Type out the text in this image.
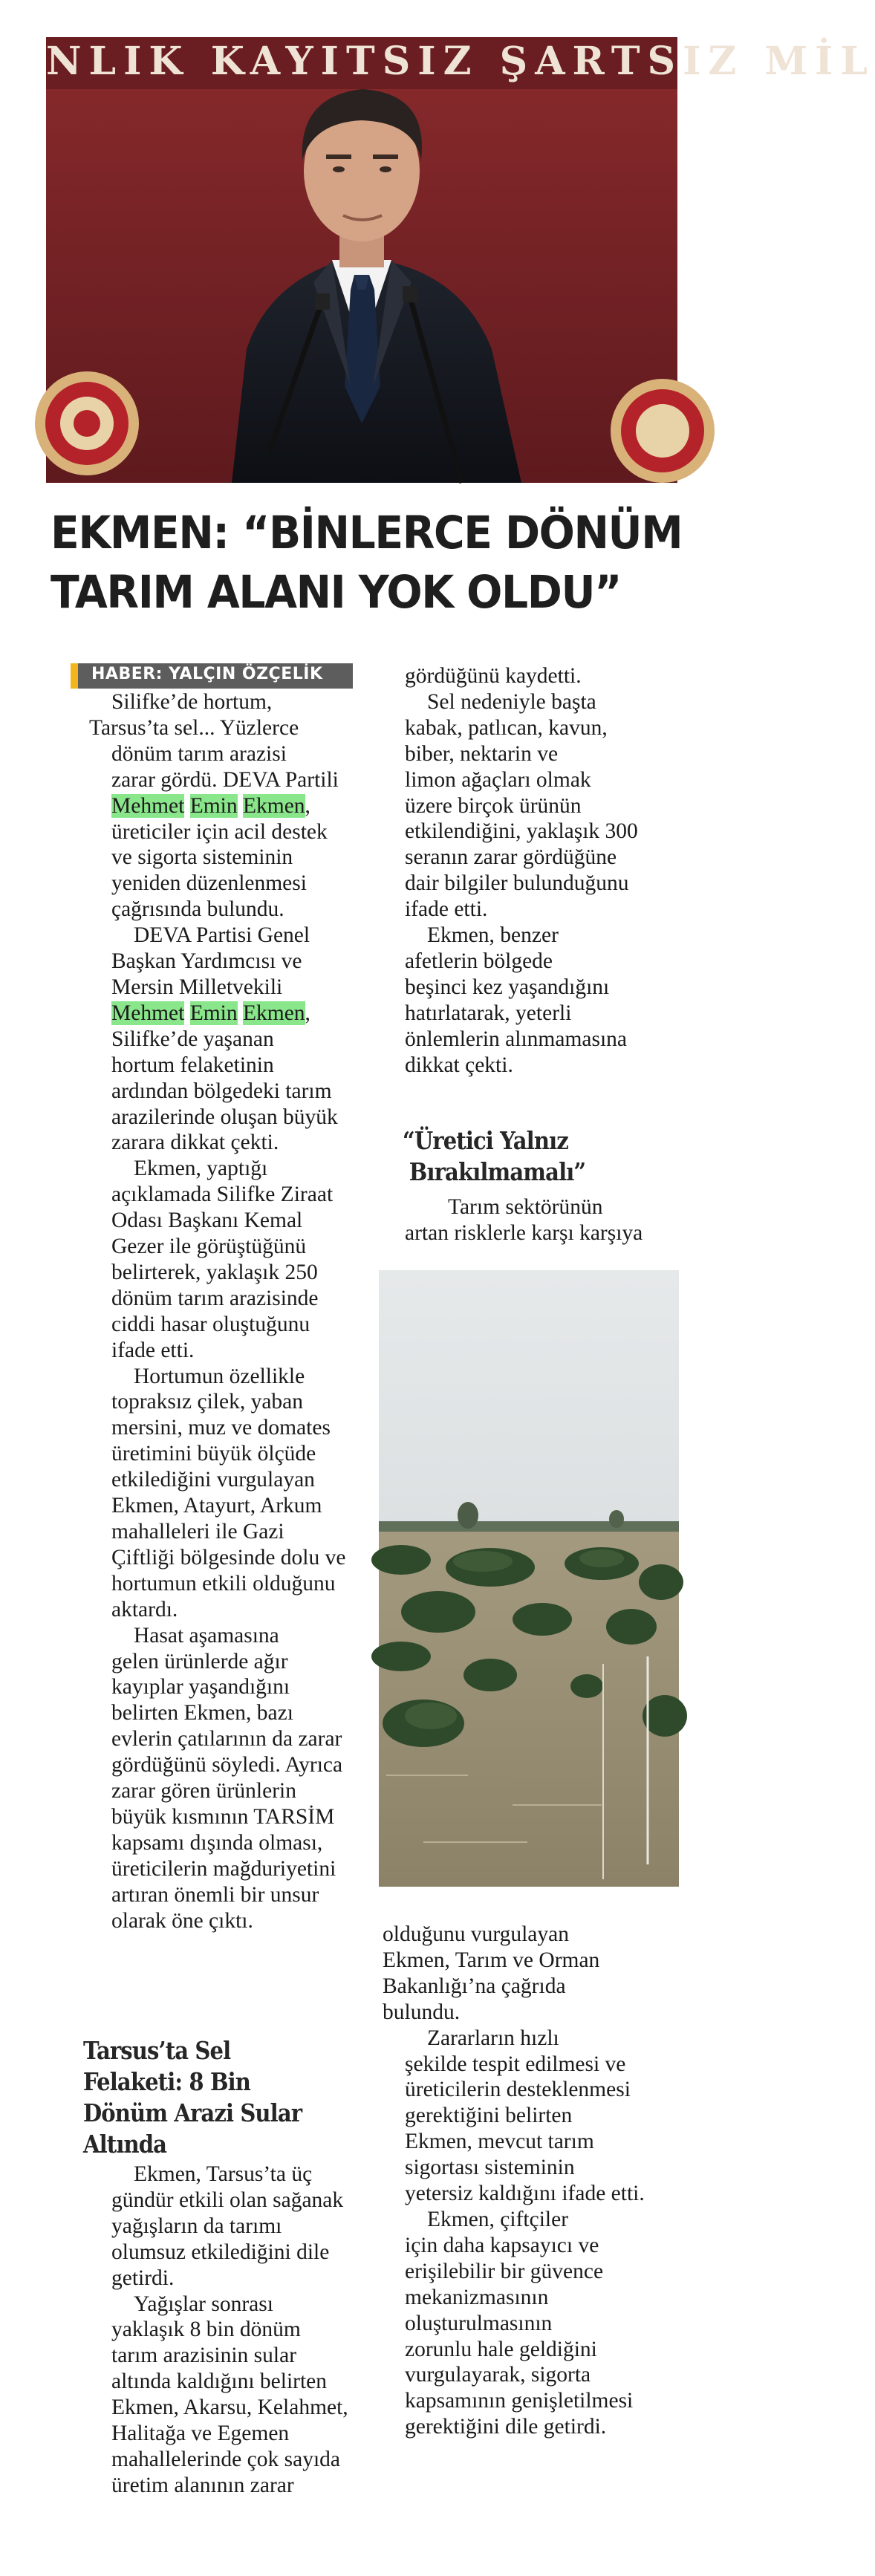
NLIK KAYITSIZ ŞARTSIZ MİL
EKMEN: “BİNLERCE DÖNÜM
TARIM ALANI YOK OLDU”
HABER: YALÇIN ÖZÇELİK

Silifke’de hortum,
Tarsus’ta sel... Yüzlerce
dönüm tarım arazisi
zarar gördü. DEVA Partili
Mehmet Emin Ekmen,
üreticiler için acil destek
ve sigorta sisteminin
yeniden düzenlenmesi
çağrısında bulundu.

DEVA Partisi Genel
Başkan Yardımcısı ve
Mersin Milletvekili
Mehmet Emin Ekmen,
Silifke’de yaşanan
hortum felaketinin
ardından bölgedeki tarım
arazilerinde oluşan büyük
zarara dikkat çekti.

Ekmen, yaptığı
açıklamada Silifke Ziraat
Odası Başkanı Kemal
Gezer ile görüştüğünü
belirterek, yaklaşık 250
dönüm tarım arazisinde
ciddi hasar oluştuğunu
ifade etti.

Hortumun özellikle
topraksız çilek, yaban
mersini, muz ve domates
üretimini büyük ölçüde
etkilediğini vurgulayan
Ekmen, Atayurt, Arkum
mahalleleri ile Gazi
Çiftliği bölgesinde dolu ve
hortumun etkili olduğunu
aktardı.

Hasat aşamasına
gelen ürünlerde ağır
kayıplar yaşandığını
belirten Ekmen, bazı
evlerin çatılarının da zarar
gördüğünü söyledi. Ayrıca
zarar gören ürünlerin
büyük kısmının TARSİM
kapsamı dışında olması,
üreticilerin mağduriyetini
artıran önemli bir unsur
olarak öne çıktı.

Tarsus’ta Sel
Felaketi: 8 Bin
Dönüm Arazi Sular
Altında

Ekmen, Tarsus’ta üç
gündür etkili olan sağanak
yağışların da tarımı
olumsuz etkilediğini dile
getirdi.

Yağışlar sonrası
yaklaşık 8 bin dönüm
tarım arazisinin sular
altında kaldığını belirten
Ekmen, Akarsu, Kelahmet,
Halitağa ve Egemen
mahallelerinde çok sayıda
üretim alanının zarar

gördüğünü kaydetti.

Sel nedeniyle başta
kabak, patlıcan, kavun,
biber, nektarin ve
limon ağaçları olmak
üzere birçok ürünün
etkilendiğini, yaklaşık 300
seranın zarar gördüğüne
dair bilgiler bulunduğunu
ifade etti.

Ekmen, benzer
afetlerin bölgede
beşinci kez yaşandığını
hatırlatarak, yeterli
önlemlerin alınmamasına
dikkat çekti.

“Üretici Yalnız
Bırakılmamalı”

Tarım sektörünün
artan risklerle karşı karşıya

olduğunu vurgulayan
Ekmen, Tarım ve Orman
Bakanlığı’na çağrıda
bulundu.

Zararların hızlı
şekilde tespit edilmesi ve
üreticilerin desteklenmesi
gerektiğini belirten
Ekmen, mevcut tarım
sigortası sisteminin
yetersiz kaldığını ifade etti.

Ekmen, çiftçiler
için daha kapsayıcı ve
erişilebilir bir güvence
mekanizmasının
oluşturulmasının
zorunlu hale geldiğini
vurgulayarak, sigorta
kapsamının genişletilmesi
gerektiğini dile getirdi.
